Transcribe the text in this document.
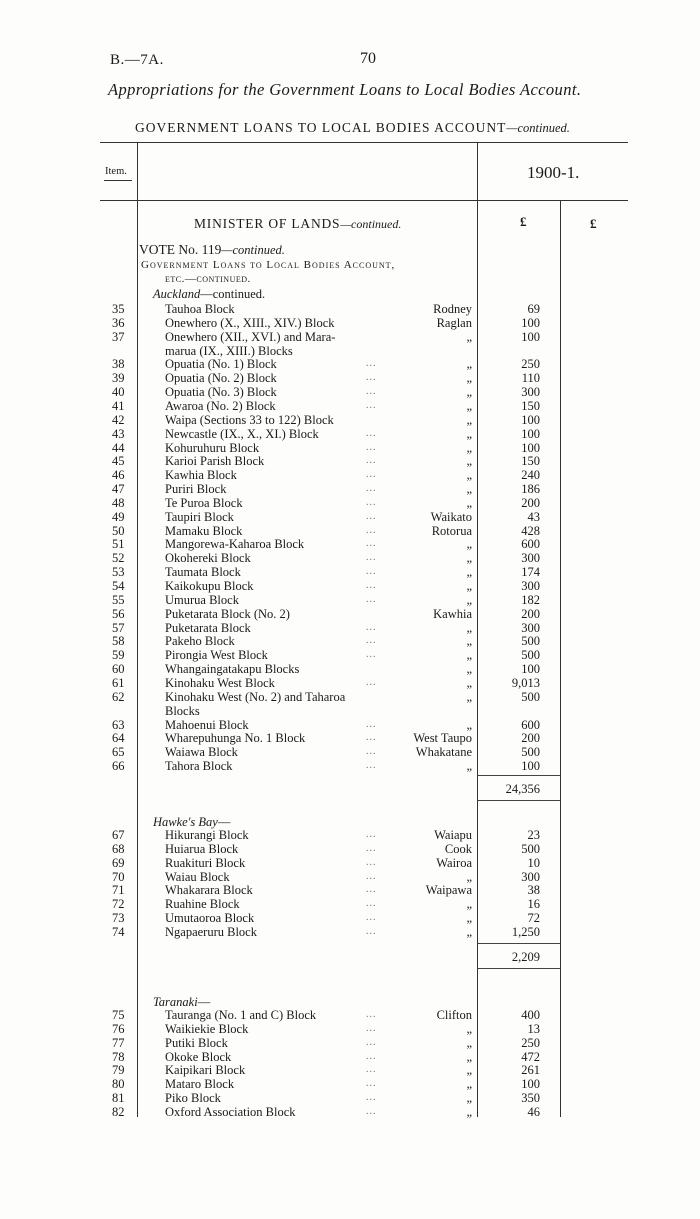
B.—7A.	70
Appropriations for the Government Loans to Local Bodies Account.
GOVERNMENT LOANS TO LOCAL BODIES ACCOUNT—continued.
Item.	1900-1.
MINISTER OF LANDS—continued.	£	£
VOTE No. 119—continued.
Government Loans to Local Bodies Account,
etc.—continued.
Auckland—continued.
35	Tauhoa Block	Rodney	69
36	Onewhero (X., XIII., XIV.) Block	Raglan	100
37	Onewhero (XII., XVI.) and Mara-	„	100
marua (IX., XIII.) Blocks
38	Opuatia (No. 1) Block	...	„	250
39	Opuatia (No. 2) Block	...	„	110
40	Opuatia (No. 3) Block	...	„	300
41	Awaroa (No. 2) Block	...	„	150
42	Waipa (Sections 33 to 122) Block	„	100
43	Newcastle (IX., X., XI.) Block	...	„	100
44	Kohuruhuru Block	...	„	100
45	Karioi Parish Block	...	„	150
46	Kawhia Block	...	„	240
47	Puriri Block	...	„	186
48	Te Puroa Block	...	„	200
49	Taupiri Block	...	Waikato	43
50	Mamaku Block	...	Rotorua	428
51	Mangorewa-Kaharoa Block	...	„	600
52	Okohereki Block	...	„	300
53	Taumata Block	...	„	174
54	Kaikokupu Block	...	„	300
55	Umurua Block	...	„	182
56	Puketarata Block (No. 2)	Kawhia	200
57	Puketarata Block	...	„	300
58	Pakeho Block	...	„	500
59	Pirongia West Block	...	„	500
60	Whangaingatakapu Blocks	„	100
61	Kinohaku West Block	...	„	9,013
62	Kinohaku West (No. 2) and Taharoa	„	500
Blocks
63	Mahoenui Block	...	„	600
64	Wharepuhunga No. 1 Block	...	West Taupo	200
65	Waiawa Block	...	Whakatane	500
66	Tahora Block	...	„	100
24,356
Hawke's Bay—
67	Hikurangi Block	...	Waiapu	23
68	Huiarua Block	...	Cook	500
69	Ruakituri Block	...	Wairoa	10
70	Waiau Block	...	„	300
71	Whakarara Block	...	Waipawa	38
72	Ruahine Block	...	„	16
73	Umutaoroa Block	...	„	72
74	Ngapaeruru Block	...	„	1,250
2,209
Taranaki—
75	Tauranga (No. 1 and C) Block	...	Clifton	400
76	Waikiekie Block	...	„	13
77	Putiki Block	...	„	250
78	Okoke Block	...	„	472
79	Kaipikari Block	...	„	261
80	Mataro Block	...	„	100
81	Piko Block	...	„	350
82	Oxford Association Block	...	„	46
